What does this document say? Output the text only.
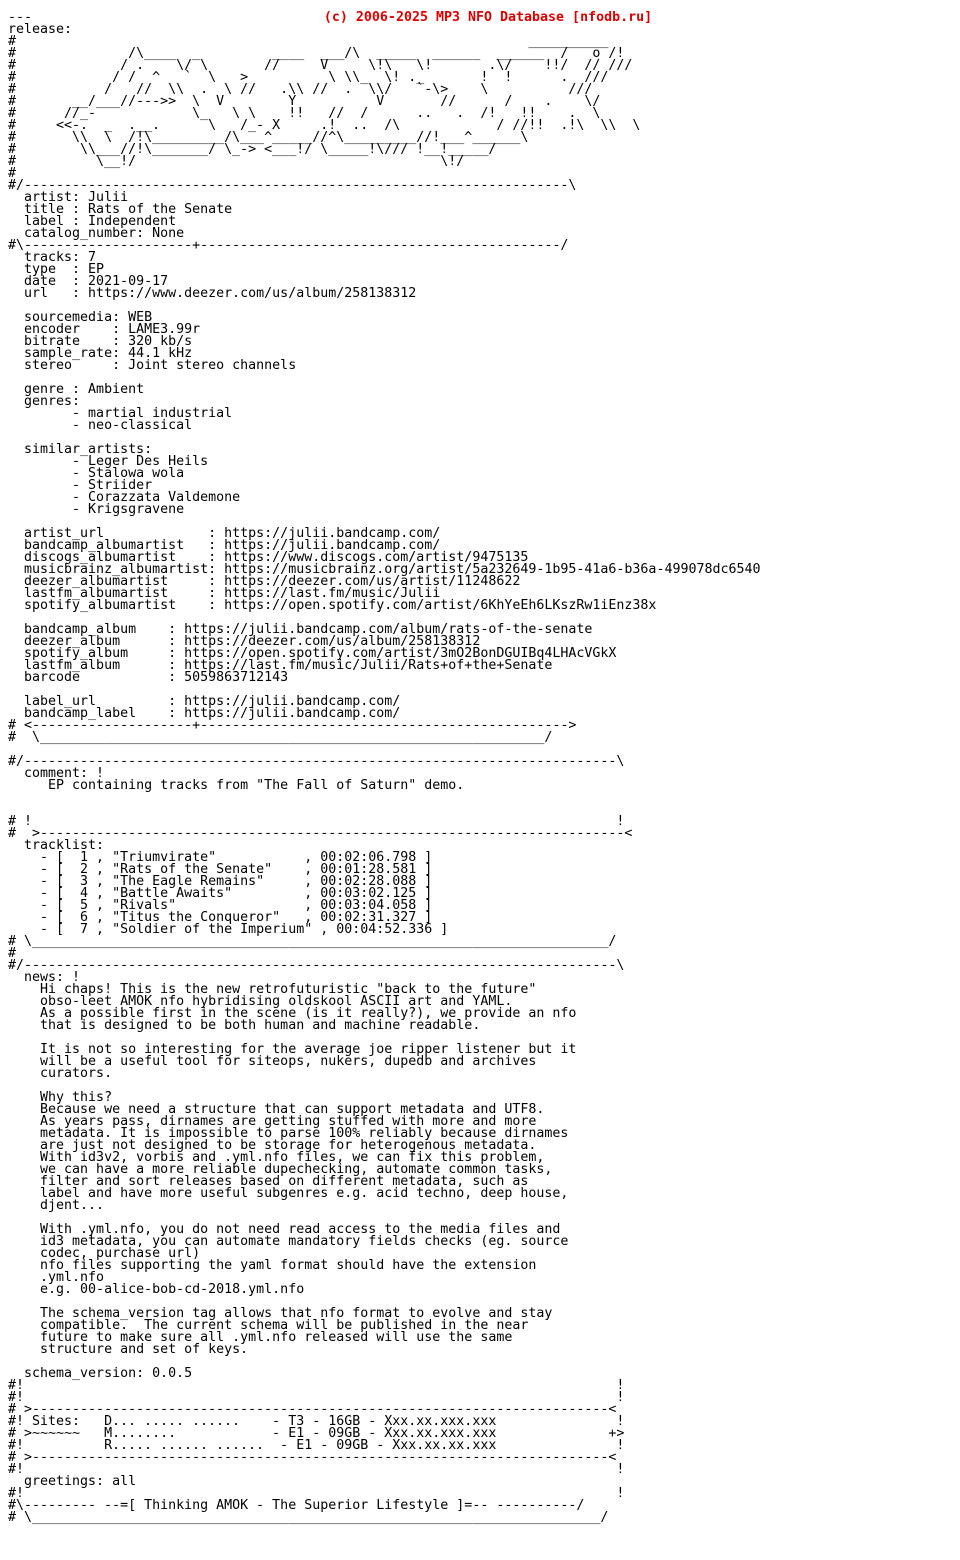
(c) 2006-2025 MP3 NFO Database [nfodb.ru]

---
release:
#                                                                __________
#              /\____  _         ____  ___/\  _____  ______  ______  /   o /!
#             / .    \/ \       //     V     \!\   \!       .\/    !!/  // ///
#            / /  ^   `  \   >          \ \\_  \! ._       !  !      .  ///
#           /   //  \\  .  \ //   .\\ //  .  \\/   `-\>    \          ///
#       __/___//--->>  \  V        Y          V       //      /    .    \/
#      //_-            \_   \ \    !!   //  /      ..   .  /!   !!    .  \
#     <<-.  _  .__.      \   /_- X     .!  ..  /\            / //!!  .!\  \\  \
#       \\  \  /!\_________/\___^_____//^\_________//!___^______\
#        \\___//!\_______/ \_-> <___!/ \_____!\/// !__!_____/
#          \__!/                                      \!/
#
#/--------------------------------------------------------------------\
artist: Julii
title : Rats of the Senate
label : Independent
catalog_number: None
#\---------------------+---------------------------------------------/
tracks: 7
type  : EP
date  : 2021-09-17
url   : https://www.deezer.com/us/album/258138312

sourcemedia: WEB
encoder    : LAME3.99r
bitrate    : 320 kb/s
sample_rate: 44.1 kHz
stereo     : Joint stereo channels

genre : Ambient
genres:
- martial industrial
- neo-classical

similar_artists:
- Leger Des Heils
- Stalowa wola
- Striider
- Corazzata Valdemone
- Krigsgravene

artist_url             : https://julii.bandcamp.com/
bandcamp_albumartist   : https://julii.bandcamp.com/
discogs_albumartist    : https://www.discogs.com/artist/9475135
musicbrainz_albumartist: https://musicbrainz.org/artist/5a232649-1b95-41a6-b36a-499078dc6540
deezer_albumartist     : https://deezer.com/us/artist/11248622
lastfm_albumartist     : https://last.fm/music/Julii
spotify_albumartist    : https://open.spotify.com/artist/6KhYeEh6LKszRw1iEnz38x

bandcamp_album    : https://julii.bandcamp.com/album/rats-of-the-senate
deezer_album      : https://deezer.com/us/album/258138312
spotify_album     : https://open.spotify.com/artist/3mO2BonDGUIBq4LHAcVGkX
lastfm_album      : https://last.fm/music/Julii/Rats+of+the+Senate
barcode           : 5059863712143

label_url         : https://julii.bandcamp.com/
bandcamp_label    : https://julii.bandcamp.com/
# <--------------------+---------------------------------------------->
#  \_______________________________________________________________/

#/--------------------------------------------------------------------------\
comment: !
EP containing tracks from "The Fall of Saturn" demo.

# !                                                                         !
#  >-------------------------------------------------------------------------<
tracklist:
- [  1 , "Triumvirate"           , 00:02:06.798 ]
- [  2 , "Rats of the Senate"    , 00:01:28.581 ]
- [  3 , "The Eagle Remains"     , 00:02:28.088 ]
- [  4 , "Battle Awaits"         , 00:03:02.125 ]
- [  5 , "Rivals"                , 00:03:04.058 ]
- [  6 , "Titus the Conqueror"   , 00:02:31.327 ]
- [  7 , "Soldier of the Imperium" , 00:04:52.336 ]
# \________________________________________________________________________/
#
#/--------------------------------------------------------------------------\
news: !
Hi chaps! This is the new retrofuturistic "back to the future"
obso-leet AMOK nfo hybridising oldskool ASCII art and YAML.
As a possible first in the scene (is it really?), we provide an nfo
that is designed to be both human and machine readable.

It is not so interesting for the average joe ripper listener but it
will be a useful tool for siteops, nukers, dupedb and archives
curators.

Why this?
Because we need a structure that can support metadata and UTF8.
As years pass, dirnames are getting stuffed with more and more
metadata. It is impossible to parse 100% reliably because dirnames
are just not designed to be storage for heterogenous metadata.
With id3v2, vorbis and .yml.nfo files, we can fix this problem,
we can have a more reliable dupechecking, automate common tasks,
filter and sort releases based on different metadata, such as
label and have more useful subgenres e.g. acid techno, deep house,
djent...

With .yml.nfo, you do not need read access to the media files and
id3 metadata, you can automate mandatory fields checks (eg. source
codec, purchase url)
nfo files supporting the yaml format should have the extension
.yml.nfo
e.g. 00-alice-bob-cd-2018.yml.nfo

The schema_version tag allows that nfo format to evolve and stay
compatible.  The current schema will be published in the near
future to make sure all .yml.nfo released will use the same
structure and set of keys.

schema_version: 0.0.5
#!                                                                          !
#!                                                                          !
# >------------------------------------------------------------------------<
#! Sites:   D... ..... ......    - T3 - 16GB - Xxx.xx.xxx.xxx               !
# >~~~~~~   M........            - E1 - 09GB - Xxx.xx.xxx.xxx              +>
#!          R..... ...... ......  - E1 - 09GB - Xxx.xx.xx.xxx               !
# >------------------------------------------------------------------------<
#!                                                                          !
greetings: all
#!                                                                          !
#\--------- --=[ Thinking AMOK - The Superior Lifestyle ]=-- ----------/
# \_______________________________________________________________________/
